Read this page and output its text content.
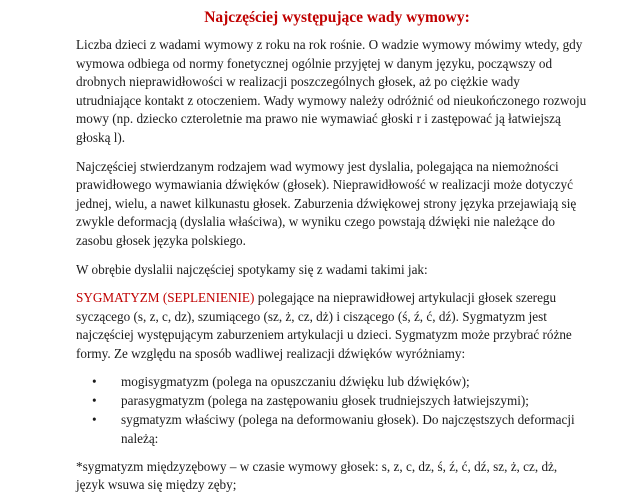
Najczęściej występujące wady wymowy:

Liczba dzieci z wadami wymowy z roku na rok rośnie. O wadzie wymowy mówimy wtedy, gdy wymowa odbiega od normy fonetycznej ogólnie przyjętej w danym języku, począwszy od drobnych nieprawidłowości w realizacji poszczególnych głosek, aż po ciężkie wady utrudniające kontakt z otoczeniem. Wady wymowy należy odróżnić od nieukończonego rozwoju mowy (np. dziecko czteroletnie ma prawo nie wymawiać głoski r i zastępować ją łatwiejszą głoską l).

Najczęściej stwierdzanym rodzajem wad wymowy jest dyslalia, polegająca na niemożności prawidłowego wymawiania dźwięków (głosek). Nieprawidłowość w realizacji może dotyczyć jednej, wielu, a nawet kilkunastu głosek. Zaburzenia dźwiękowej strony języka przejawiają się zwykle deformacją (dyslalia właściwa), w wyniku czego powstają dźwięki nie należące do zasobu głosek języka polskiego.

W obrębie dyslalii najczęściej spotykamy się z wadami takimi jak:

SYGMATYZM (SEPLENIENIE) polegające na nieprawidłowej artykulacji głosek szeregu syczącego (s, z, c, dz), szumiącego (sz, ż, cz, dż) i ciszącego (ś, ź, ć, dź). Sygmatyzm jest najczęściej występującym zaburzeniem artykulacji u dzieci. Sygmatyzm może przybrać różne formy. Ze względu na sposób wadliwej realizacji dźwięków wyróżniamy:

• mogisygmatyzm (polega na opuszczaniu dźwięku lub dźwięków);
• parasygmatyzm (polega na zastępowaniu głosek trudniejszych łatwiejszymi);
• sygmatyzm właściwy (polega na deformowaniu głosek). Do najczęstszych deformacji należą:

*sygmatyzm międzyzębowy – w czasie wymowy głosek: s, z, c, dz, ś, ź, ć, dź, sz, ż, cz, dż, język wsuwa się między zęby;
